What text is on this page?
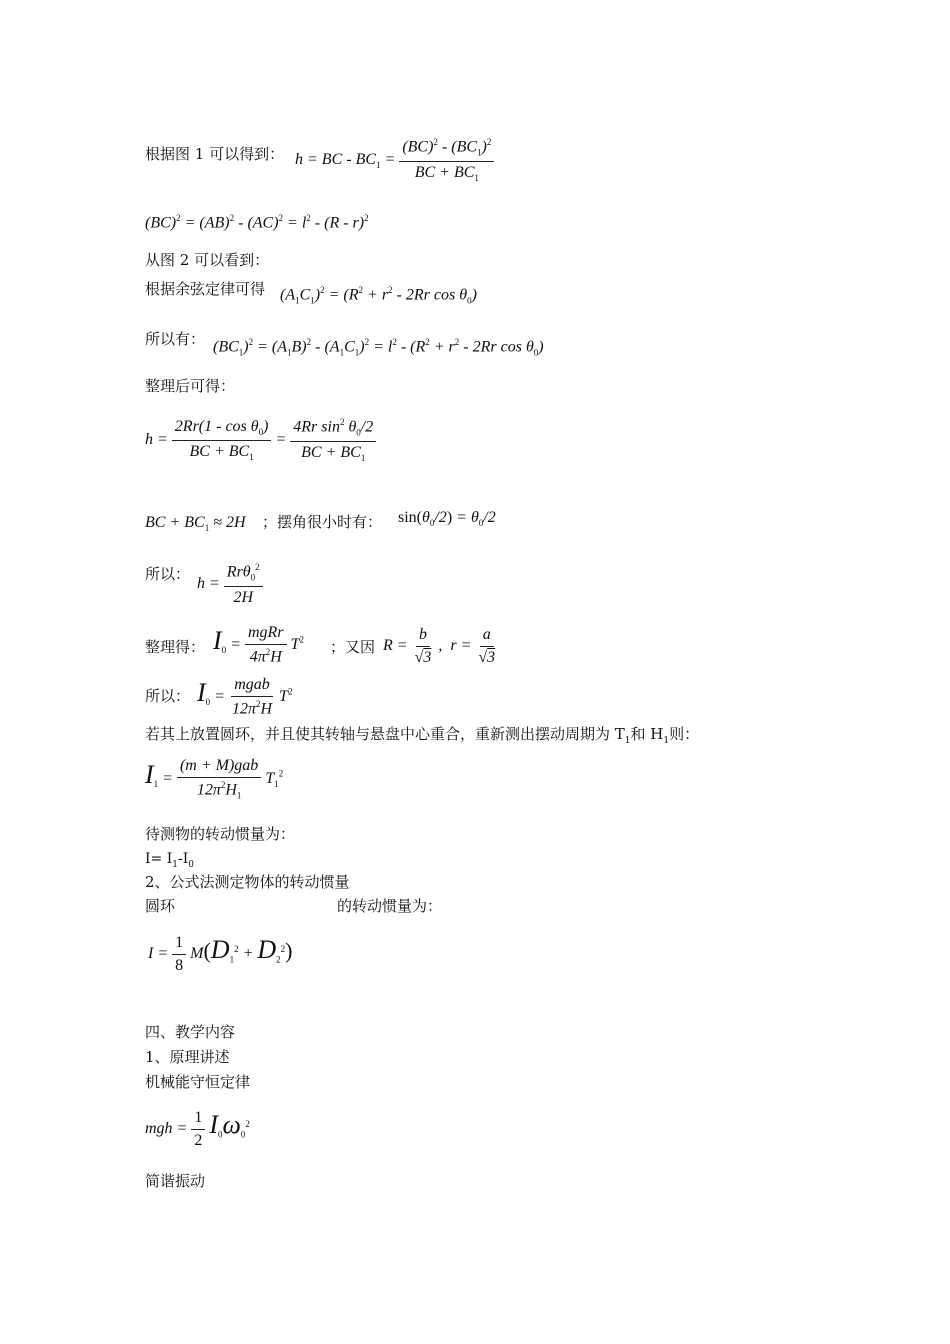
根据图 1 可以得到： h = BC - $BC_1 = \frac{(BC)^2 - (BC_1)^2}{BC + BC_1}$
$(BC)^2 = (AB)^2 - (AC)^2 = l^2 - (R - r)^2$
从图 2 可以看到：
根据余弦定律可得 $(A_1C_1)^2 = (R^2 + r^2 - 2Rr$ $\cos \theta_0$)
所以有： $(BC_1)^2 = (A_1B)^2 - (A_1C_1)^2 = l^2 - (R^2 + r^2 - 2Rr$ $\cos \theta_0$)
整理后可得：
$h = \frac{2Rr(1 - \cos \theta_0)}{BC + BC_1} = \frac{4Rr \sin^2 \theta_0/2}{BC + BC_1}$
BC + $BC_1 \approx 2H$ ；摆角很小时有： $\sin(\theta_0/2) = \theta_0/2$
所以：
$h = \frac{Rr\theta_0^2}{2H}$
整理得： $I_0 = \frac{\text{mgRr}}{4\pi^2H} T^2$ ；又因 $R = \frac{b}{√3}$ ,  $r = \frac{a}{√3}$
所以： $I_0 = \frac{\text{mgab}}{12\pi^2H} T^2$
若其上放置圆环，并且使其转轴与悬盘中心重合，重新测出摆动周期为 $T_1$和 $H_1$则：
$I_1 = \frac{\text{(m + M)gab}}{12\pi^2H_1} T_1^2$
待测物的转动惯量为：
$I= I_1-I_0$
2、公式法测定物体的转动惯量
圆环	的转动惯量为：
$I = \frac{1}{8} M(D_1^2 + D_2^2)$
四、教学内容
1、原理讲述
机械能守恒定律
mgh = $\frac{1}{2} I_0\omega_0^2$
简谐振动
